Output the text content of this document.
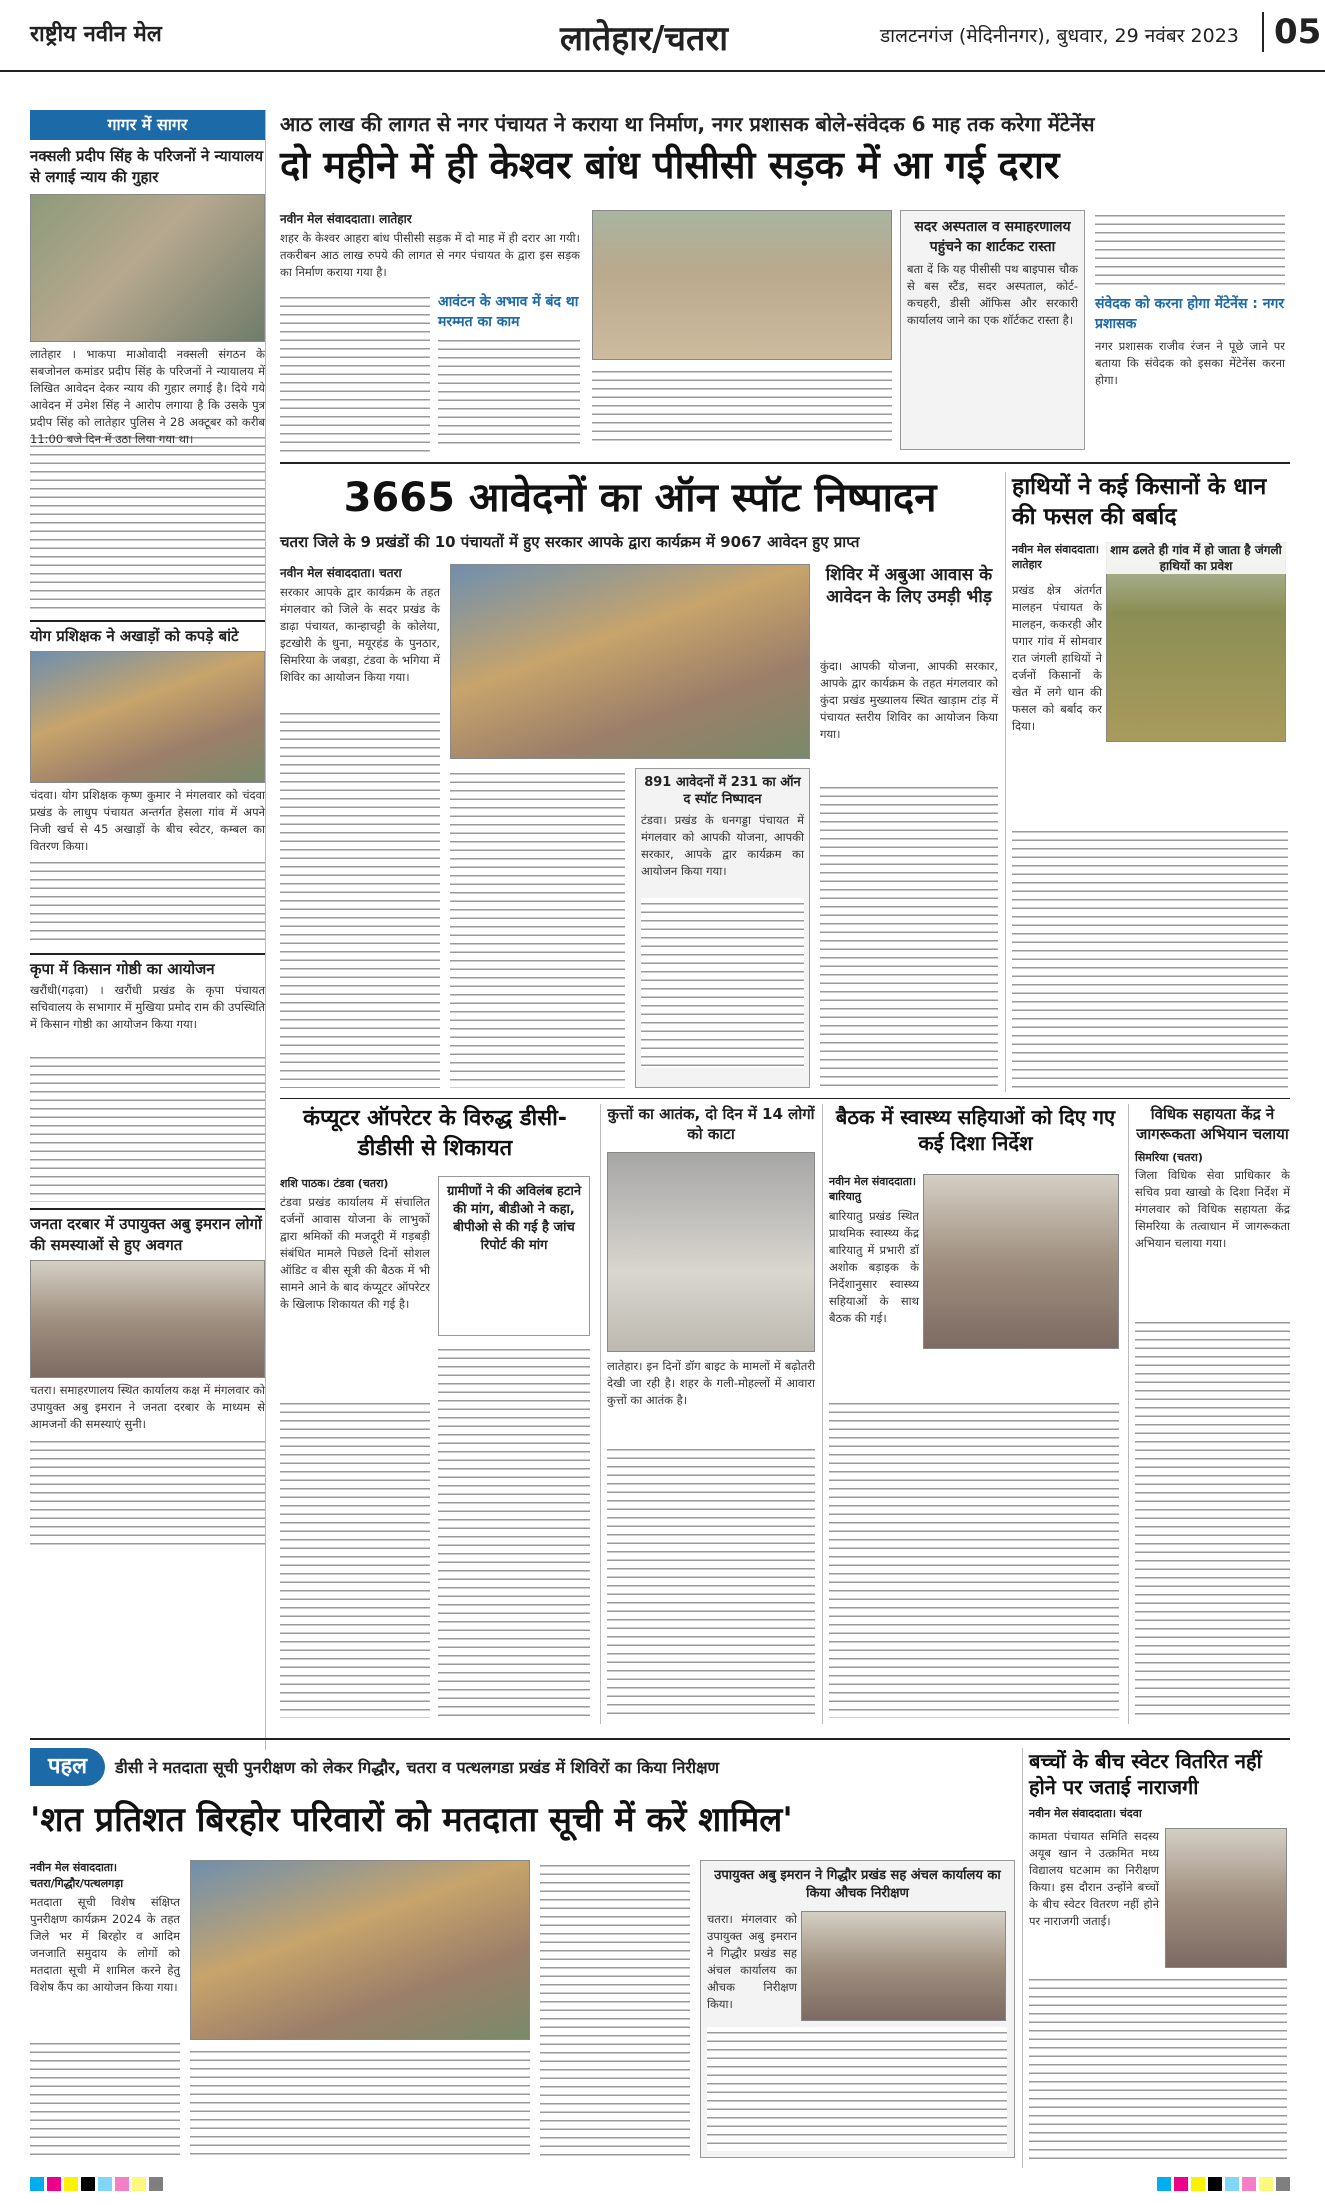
राष्ट्रीय नवीन मेल	लातेहार/चतरा	डालटनगंज (मेदिनीनगर), बुधवार, 29 नवंबर 2023	05
गागर में सागर
नक्सली प्रदीप सिंह के परिजनों ने न्यायालय से लगाई न्याय की गुहार
लातेहार । भाकपा माओवादी नक्सली संगठन के सबजोनल कमांडर प्रदीप सिंह के परिजनों ने न्यायालय में लिखित आवेदन देकर न्याय की गुहार लगाई है। दिये गये आवेदन में उमेश सिंह ने आरोप लगाया है कि उसके पुत्र प्रदीप सिंह को लातेहार पुलिस ने 28 अक्टूबर को करीब 11:00 बजे दिन में उठा लिया गया था।
योग प्रशिक्षक ने अखाड़ों को कपड़े बांटे
चंदवा। योग प्रशिक्षक कृष्ण कुमार ने मंगलवार को चंदवा प्रखंड के लाधुप पंचायत अन्तर्गत हेसला गांव में अपने निजी खर्च से 45 अखाड़ों के बीच स्वेटर, कम्बल का वितरण किया।
कृपा में किसान गोष्ठी का आयोजन
खरौंधी(गढ़वा) । खरौंधी प्रखंड के कृपा पंचायत सचिवालय के सभागार में मुखिया प्रमोद राम की उपस्थिति में किसान गोष्ठी का आयोजन किया गया।
जनता दरबार में उपायुक्त अबु इमरान लोगों की समस्याओं से हुए अवगत
चतरा। समाहरणालय स्थित कार्यालय कक्ष में मंगलवार को उपायुक्त अबु इमरान ने जनता दरबार के माध्यम से आमजनों की समस्याएं सुनी।
आठ लाख की लागत से नगर पंचायत ने कराया था निर्माण, नगर प्रशासक बोले-संवेदक 6 माह तक करेगा मेंटेनेंस
दो महीने में ही केश्वर बांध पीसीसी सड़क में आ गई दरार
नवीन मेल संवाददाता। लातेहार
शहर के केश्वर आहरा बांध पीसीसी सड़क में दो माह में ही दरार आ गयी। तकरीबन आठ लाख रुपये की लागत से नगर पंचायत के द्वारा इस सड़क का निर्माण कराया गया है।
आवंटन के अभाव में बंद था मरम्मत का काम
सदर अस्पताल व समाहरणालय पहुंचने का शार्टकट रास्ता
बता दें कि यह पीसीसी पथ बाइपास चौक से बस स्टैंड, सदर अस्पताल, कोर्ट-कचहरी, डीसी ऑफिस और सरकारी कार्यालय जाने का एक शॉर्टकट रास्ता है।
संवेदक को करना होगा मेंटेनेंस : नगर प्रशासक
नगर प्रशासक राजीव रंजन ने पूछे जाने पर बताया कि संवेदक को इसका मेंटेनेंस करना होगा।
3665 आवेदनों का ऑन स्पॉट निष्पादन
चतरा जिले के 9 प्रखंडों की 10 पंचायतों में हुए सरकार आपके द्वारा कार्यक्रम में 9067 आवेदन हुए प्राप्त
नवीन मेल संवाददाता। चतरा
सरकार आपके द्वार कार्यक्रम के तहत मंगलवार को जिले के सदर प्रखंड के डाढ़ा पंचायत, कान्हाचट्टी के कोलेया, इटखोरी के धुना, मयूरहंड के पुनठार, सिमरिया के जबड़ा, टंडवा के भगिया में शिविर का आयोजन किया गया।
891 आवेदनों में 231 का ऑन द स्पॉट निष्पादन
टंडवा। प्रखंड के धनगड्डा पंचायत में मंगलवार को आपकी योजना, आपकी सरकार, आपके द्वार कार्यक्रम का आयोजन किया गया।
शिविर में अबुआ आवास के आवेदन के लिए उमड़ी भीड़
कुंदा। आपकी योजना, आपकी सरकार, आपके द्वार कार्यक्रम के तहत मंगलवार को कुंदा प्रखंड मुख्यालय स्थित खाड़ाम टांड़ में पंचायत स्तरीय शिविर का आयोजन किया गया।
हाथियों ने कई किसानों के धान की फसल की बर्बाद
नवीन मेल संवाददाता। लातेहार
शाम ढलते ही गांव में हो जाता है जंगली हाथियों का प्रवेश
प्रखंड क्षेत्र अंतर्गत मालहन पंचायत के मालहन, ककरही और पगार गांव में सोमवार रात जंगली हाथियों ने दर्जनों किसानों के खेत में लगे धान की फसल को बर्बाद कर दिया।
कंप्यूटर ऑपरेटर के विरुद्ध डीसी-डीडीसी से शिकायत
शशि पाठक। टंडवा (चतरा)
टंडवा प्रखंड कार्यालय में संचालित दर्जनों आवास योजना के लाभुकों द्वारा श्रमिकों की मजदूरी में गड़बड़ी संबंधित मामले पिछले दिनों सोशल ऑडिट व बीस सूत्री की बैठक में भी सामने आने के बाद कंप्यूटर ऑपरेटर के खिलाफ शिकायत की गई है।
ग्रामीणों ने की अविलंब हटाने की मांग, बीडीओ ने कहा, बीपीओ से की गई है जांच रिपोर्ट की मांग
कुत्तों का आतंक, दो दिन में 14 लोगों को काटा
लातेहार। इन दिनों डॉग बाइट के मामलों में बढ़ोतरी देखी जा रही है। शहर के गली-मोहल्लों में आवारा कुत्तों का आतंक है।
बैठक में स्वास्थ्य सहियाओं को दिए गए कई दिशा निर्देश
नवीन मेल संवाददाता। बारियातु
बारियातु प्रखंड स्थित प्राथमिक स्वास्थ्य केंद्र बारियातु में प्रभारी डॉ अशोक बड़ाइक के निर्देशानुसार स्वास्थ्य सहियाओं के साथ बैठक की गई।
विधिक सहायता केंद्र ने जागरूकता अभियान चलाया
सिमरिया (चतरा)
जिला विधिक सेवा प्राधिकार के सचिव प्रवा खाखो के दिशा निर्देश में मंगलवार को विधिक सहायता केंद्र सिमरिया के तत्वाधान में जागरूकता अभियान चलाया गया।
पहल	डीसी ने मतदाता सूची पुनरीक्षण को लेकर गिद्धौर, चतरा व पत्थलगडा प्रखंड में शिविरों का किया निरीक्षण
'शत प्रतिशत बिरहोर परिवारों को मतदाता सूची में करें शामिल'
नवीन मेल संवाददाता।
चतरा/गिद्धौर/पत्थलगड़ा
मतदाता सूची विशेष संक्षिप्त पुनरीक्षण कार्यक्रम 2024 के तहत जिले भर में बिरहोर व आदिम जनजाति समुदाय के लोगों को मतदाता सूची में शामिल करने हेतु विशेष कैंप का आयोजन किया गया।
उपायुक्त अबु इमरान ने गिद्धौर प्रखंड सह अंचल कार्यालय का किया औचक निरीक्षण
चतरा। मंगलवार को उपायुक्त अबु इमरान ने गिद्धौर प्रखंड सह अंचल कार्यालय का औचक निरीक्षण किया।
बच्चों के बीच स्वेटर वितरित नहीं होने पर जताई नाराजगी
नवीन मेल संवाददाता। चंदवा
कामता पंचायत समिति सदस्य अयूब खान ने उत्क्रमित मध्य विद्यालय घटआम का निरीक्षण किया। इस दौरान उन्होंने बच्चों के बीच स्वेटर वितरण नहीं होने पर नाराजगी जताई।
